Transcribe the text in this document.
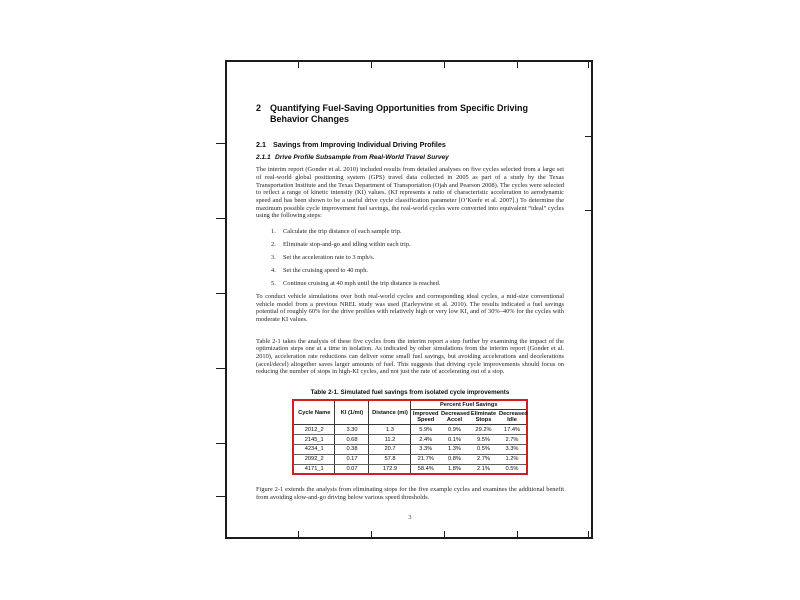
2 Quantifying Fuel-Saving Opportunities from Specific Driving Behavior Changes
2.1 Savings from Improving Individual Driving Profiles
2.1.1 Drive Profile Subsample from Real-World Travel Survey

The interim report (Gonder et al. 2010) included results from detailed analyses on five cycles selected from a large set of real-world global positioning system (GPS) travel data collected in 2005 as part of a study by the Texas Transportation Institute and the Texas Department of Transportation (Ojah and Pearson 2008). The cycles were selected to reflect a range of kinetic intensity (KI) values. (KI represents a ratio of characteristic acceleration to aerodynamic speed and has been shown to be a useful drive cycle classification parameter [O’Keefe et al. 2007].) To determine the maximum possible cycle improvement fuel savings, the real-world cycles were converted into equivalent “ideal” cycles using the following steps:

1.	Calculate the trip distance of each sample trip.
2.	Eliminate stop-and-go and idling within each trip.
3.	Set the acceleration rate to 3 mph/s.
4.	Set the cruising speed to 40 mph.
5.	Continue cruising at 40 mph until the trip distance is reached.

To conduct vehicle simulations over both real-world cycles and corresponding ideal cycles, a mid-size conventional vehicle model from a previous NREL study was used (Earleywine et al. 2010). The results indicated a fuel savings potential of roughly 60% for the drive profiles with relatively high or very low KI, and of 30%–40% for the cycles with moderate KI values.

Table 2-1 takes the analysis of these five cycles from the interim report a step further by examining the impact of the optimization steps one at a time in isolation. As indicated by other simulations from the interim report (Gonder et al. 2010), acceleration rate reductions can deliver some small fuel savings, but avoiding accelerations and decelerations (accel/decel) altogether saves larger amounts of fuel. This suggests that driving cycle improvements should focus on reducing the number of stops in high-KI cycles, and not just the rate of accelerating out of a stop.

Table 2-1. Simulated fuel savings from isolated cycle improvements
Cycle Name	KI (1/mi)	Distance (mi)	Percent Fuel Savings			
			Improved Speed	Decreased Accel	Eliminate Stops	Decreased Idle
2012_2	3.30	1.3	5.9%	0.9%	29.2%	17.4%
2145_1	0.68	11.2	2.4%	0.1%	9.5%	2.7%
4234_1	0.38	20.7	3.3%	1.3%	0.5%	3.3%
2092_2	0.17	57.8	21.7%	0.8%	2.7%	1.2%
4171_1	0.07	172.9	58.4%	1.8%	2.1%	0.5%

Figure 2-1 extends the analysis from eliminating stops for the five example cycles and examines the additional benefit from avoiding slow-and-go driving below various speed thresholds.

3
